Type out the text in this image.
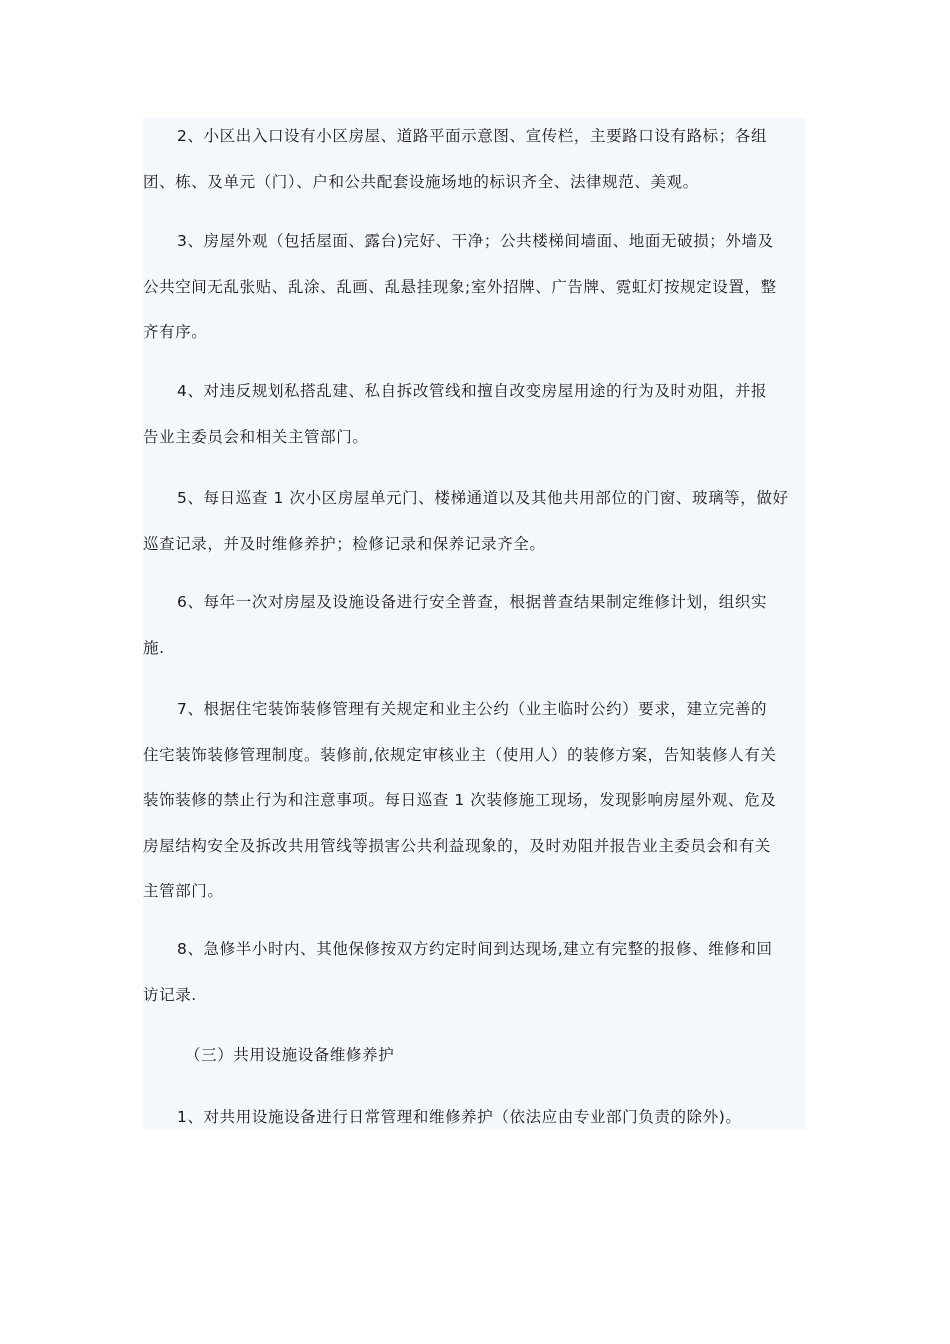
2、小区出入口设有小区房屋、道路平面示意图、宣传栏，主要路口设有路标；各组
团、栋、及单元（门）、户和公共配套设施场地的标识齐全、法律规范、美观。
3、房屋外观（包括屋面、露台)完好、干净；公共楼梯间墙面、地面无破损；外墙及
公共空间无乱张贴、乱涂、乱画、乱悬挂现象;室外招牌、广告牌、霓虹灯按规定设置，整
齐有序。
4、对违反规划私搭乱建、私自拆改管线和擅自改变房屋用途的行为及时劝阻，并报
告业主委员会和相关主管部门。
5、每日巡查 1 次小区房屋单元门、楼梯通道以及其他共用部位的门窗、玻璃等，做好
巡查记录，并及时维修养护；检修记录和保养记录齐全。
6、每年一次对房屋及设施设备进行安全普查，根据普查结果制定维修计划，组织实
施.
7、根据住宅装饰装修管理有关规定和业主公约（业主临时公约）要求，建立完善的
住宅装饰装修管理制度。装修前,依规定审核业主（使用人）的装修方案，告知装修人有关
装饰装修的禁止行为和注意事项。每日巡查 1 次装修施工现场，发现影响房屋外观、危及
房屋结构安全及拆改共用管线等损害公共利益现象的，及时劝阻并报告业主委员会和有关
主管部门。
8、急修半小时内、其他保修按双方约定时间到达现场,建立有完整的报修、维修和回
访记录.
（三）共用设施设备维修养护
1、对共用设施设备进行日常管理和维修养护（依法应由专业部门负责的除外)。
